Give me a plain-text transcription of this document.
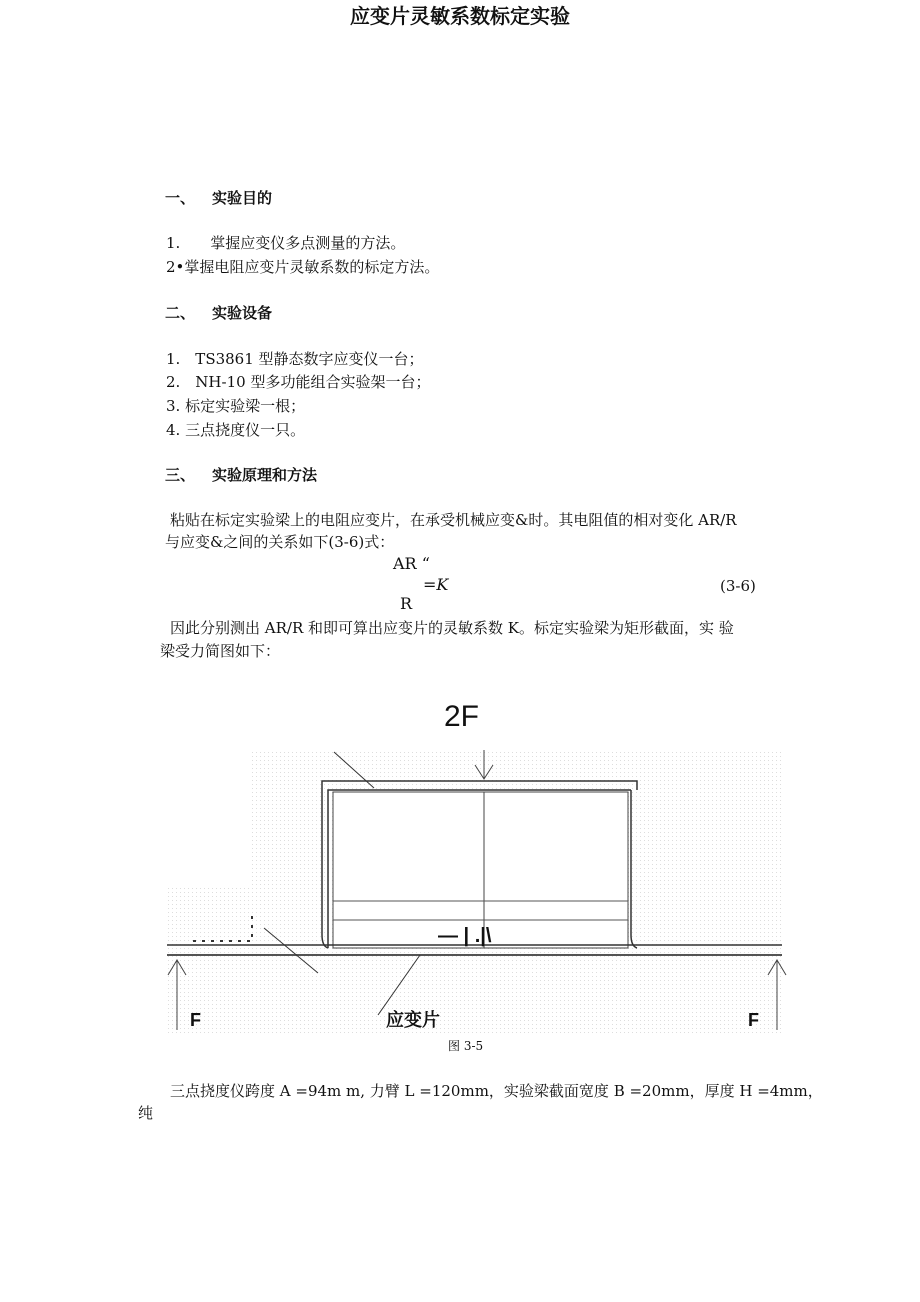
应变片灵敏系数标定实验
一、 实验目的
1.　　掌握应变仪多点测量的方法。
2•掌握电阻应变片灵敏系数的标定方法。
二、 实验设备
1.　TS3861 型静态数字应变仪一台；
2.　NH-10 型多功能组合实验架一台；
3. 标定实验梁一根；
4. 三点挠度仪一只。
三、 实验原理和方法
粘贴在标定实验梁上的电阻应变片，在承受机械应变&时。其电阻值的相对变化 AR/R
与应变&之间的关系如下(3-6)式：
AR “
=K
R
(3-6)
因此分别测出 AR/R 和即可算出应变片的灵敏系数 K。标定实验梁为矩形截面，实 验
梁受力简图如下：
2F
— | .|\
F	F
应变片
图 3-5
三点挠度仪跨度 A =94m m, 力臂 L =120mm，实验梁截面宽度 B =20mm，厚度 H =4mm，
纯
